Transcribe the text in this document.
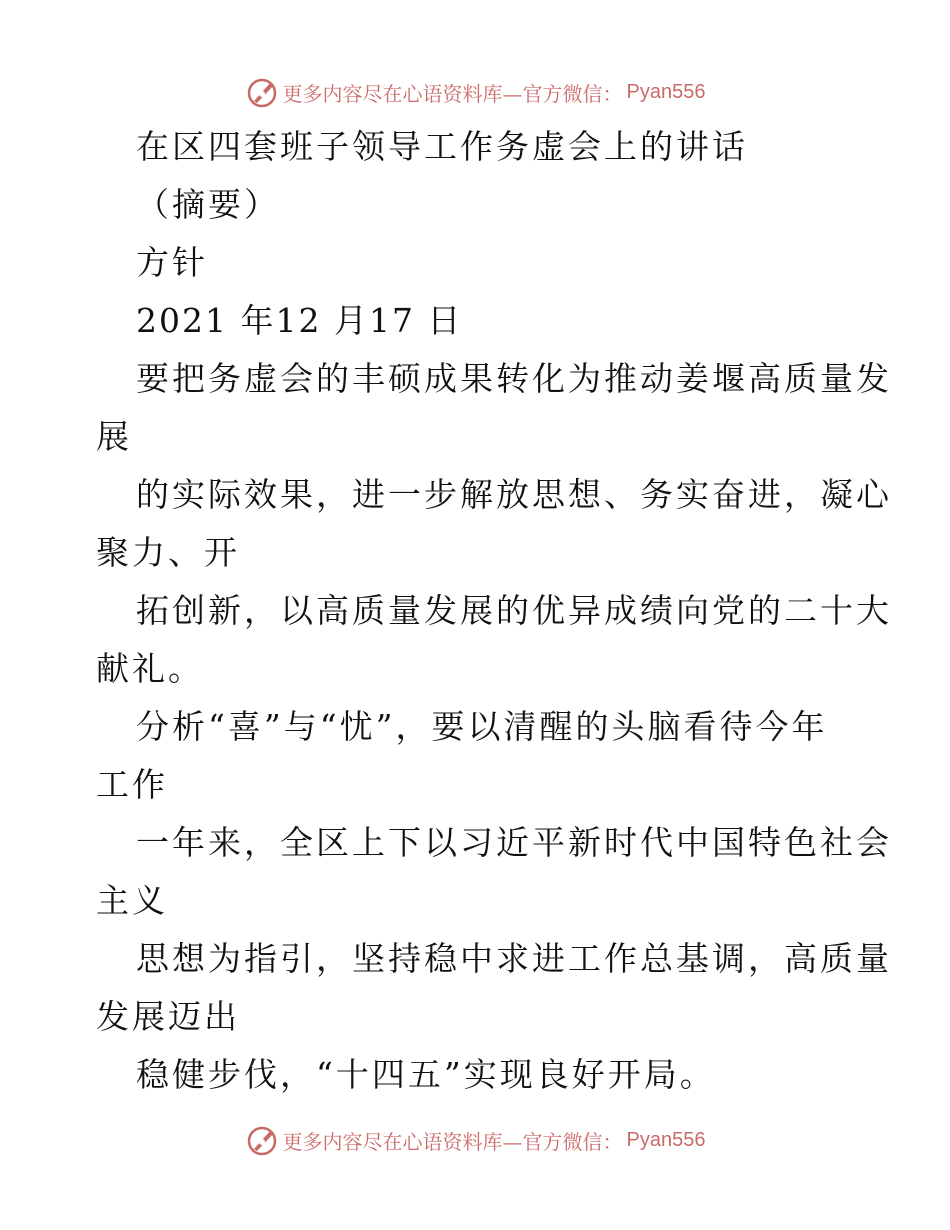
更多内容尽在心语资料库—官方微信： Pyan556
在区四套班子领导工作务虚会上的讲话
（摘要）
方针
2021 年12 月17 日
要把务虚会的丰硕成果转化为推动姜堰高质量发
展
的实际效果，进一步解放思想、务实奋进，凝心
聚力、开
拓创新，以高质量发展的优异成绩向党的二十大
献礼。
分析“喜”与“忧”，要以清醒的头脑看待今年
工作
一年来，全区上下以习近平新时代中国特色社会
主义
思想为指引，坚持稳中求进工作总基调，高质量
发展迈出
稳健步伐，“十四五”实现良好开局。
更多内容尽在心语资料库—官方微信： Pyan556
